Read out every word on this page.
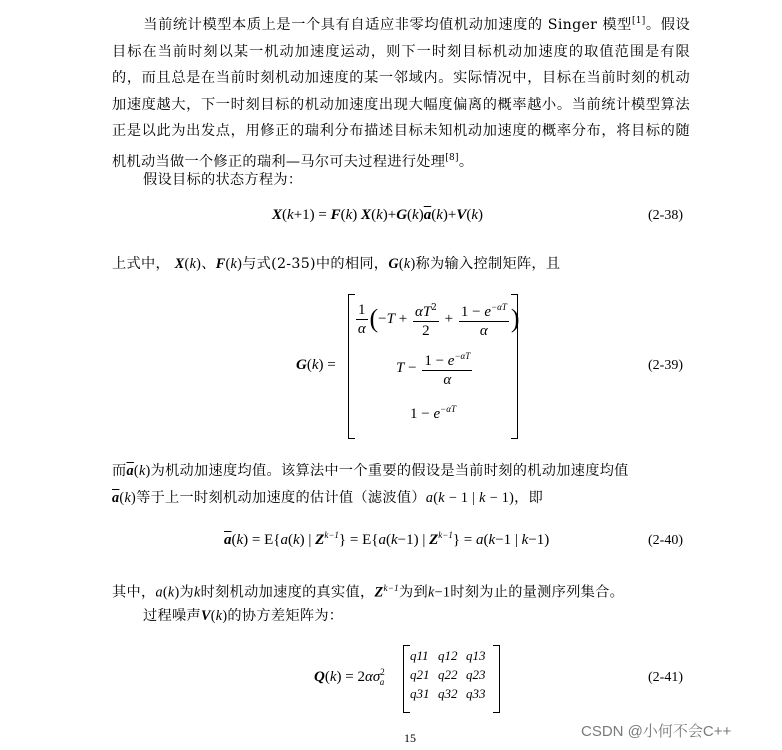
当前统计模型本质上是一个具有自适应非零均值机动加速度的 Singer 模型[1]。假设目标在当前时刻以某一机动加速度运动，则下一时刻目标机动加速度的取值范围是有限的，而且总是在当前时刻机动加速度的某一邻域内。实际情况中，目标在当前时刻的机动加速度越大，下一时刻目标的机动加速度出现大幅度偏离的概率越小。当前统计模型算法正是以此为出发点，用修正的瑞利分布描述目标未知机动加速度的概率分布，将目标的随机机动当做一个修正的瑞利—马尔可夫过程进行处理[8]。
假设目标的状态方程为：
X(k+1) = F(k) $X(k)+G(k)\overline{a}(k)+V(k)$	(2-38)
上式中， X(k)、F(k)与式(2-35)中的相同，G(k)称为输入控制矩阵，且
G(k) =
$\frac{1}{\alpha} (-T + \frac{\alpha T^2}{2} + \frac{1 - e^{-\alpha T}}{\alpha}$ )
$T - \frac{1 - e^{-\alpha T}}{\alpha}$
$1 - e^{-\alpha T}$
(2-39)
而$\overline{a}(k)$为机动加速度均值。该算法中一个重要的假设是当前时刻的机动加速度均值
$\overline{a}(k)$等于上一时刻机动加速度的估计值（滤波值）a(k − 1 | k − 1)，即
$\overline{a}(k) = E\{a(k)$ | $Z^{k-1}\} = E\{a(k-1)$ | $Z^{k-1}\} = a(k-1$ | k−1)	(2-40)
其中，a(k)为k时刻机动加速度的真实值，$Z^{k-1}$为到k−1时刻为止的量测序列集合。
过程噪声V(k)的协方差矩阵为：
$Q(k) = 2\alpha\sigma^2_a$
q11 q12 q13
q21 q22 q23
q31 q32 q33
(2-41)
15	CSDN @小何不会C++
